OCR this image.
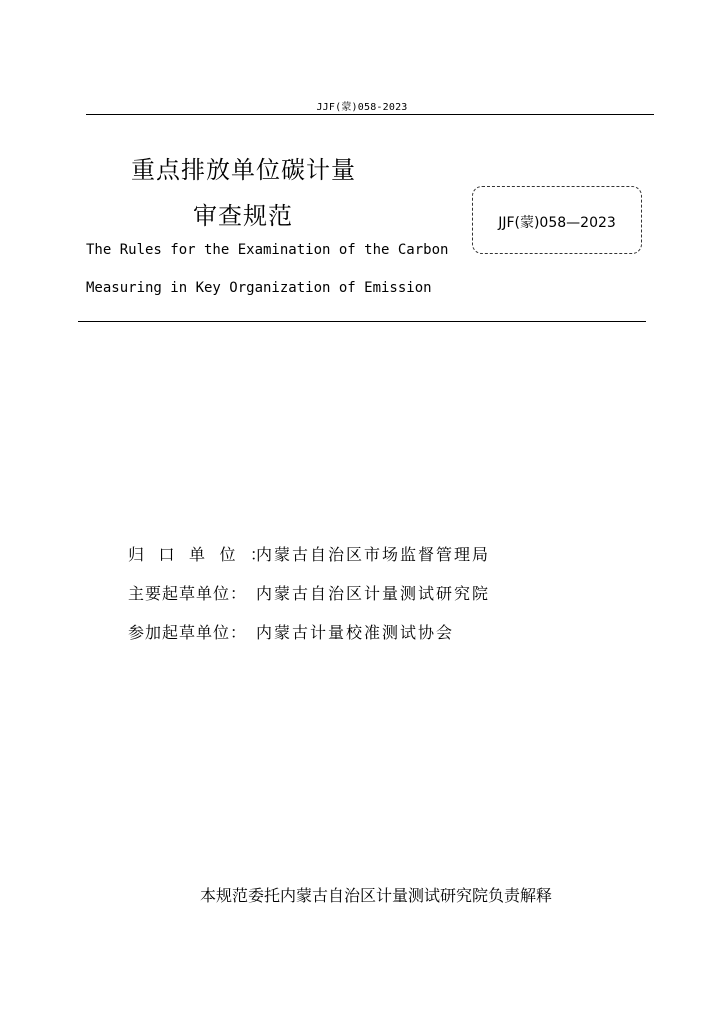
JJF(蒙)058-2023
重点排放单位碳计量
审查规范
The Rules for the Examination of the Carbon
Measuring in Key Organization of Emission
JJF(蒙)058—2023
归口单位：内蒙古自治区市场监督管理局
主要起草单位： 内蒙古自治区计量测试研究院
参加起草单位： 内蒙古计量校准测试协会
本规范委托内蒙古自治区计量测试研究院负责解释
